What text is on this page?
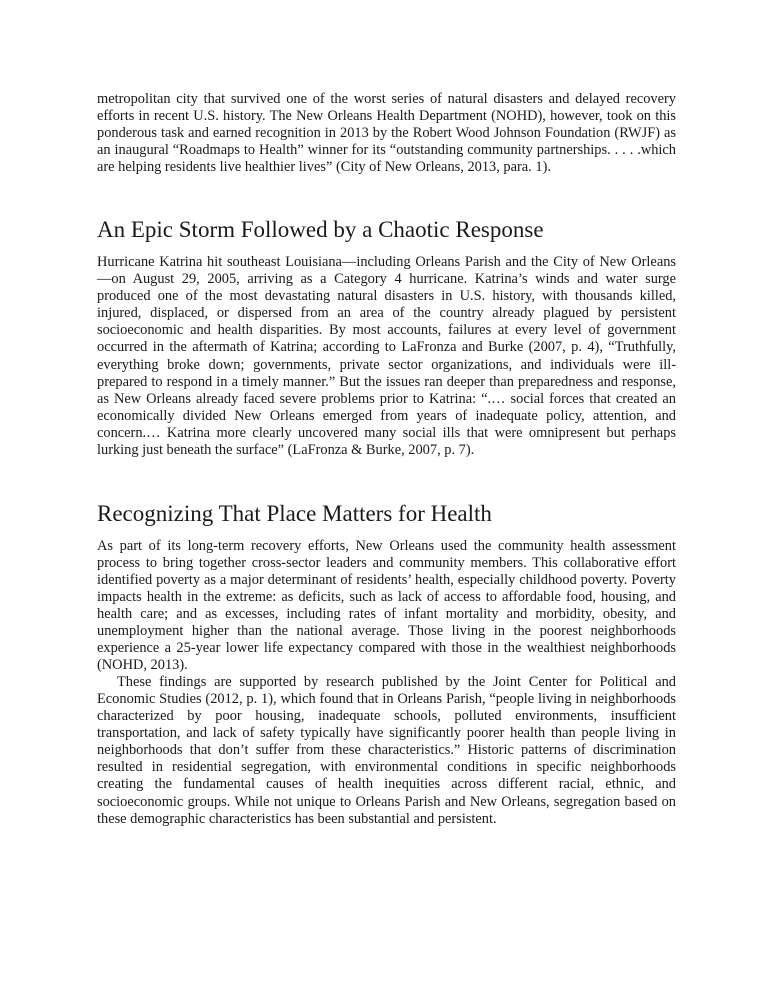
metropolitan city that survived one of the worst series of natural disasters and delayed recovery efforts in recent U.S. history. The New Orleans Health Department (NOHD), however, took on this ponderous task and earned recognition in 2013 by the Robert Wood Johnson Foundation (RWJF) as an inaugural “Roadmaps to Health” winner for its “outstanding community partnerships. . . . .which are helping residents live healthier lives” (City of New Orleans, 2013, para. 1).

An Epic Storm Followed by a Chaotic Response

Hurricane Katrina hit southeast Louisiana—including Orleans Parish and the City of New Orleans—on August 29, 2005, arriving as a Category 4 hurricane. Katrina’s winds and water surge produced one of the most devastating natural disasters in U.S. history, with thousands killed, injured, displaced, or dispersed from an area of the country already plagued by persistent socioeconomic and health disparities. By most accounts, failures at every level of government occurred in the aftermath of Katrina; according to LaFronza and Burke (2007, p. 4), “Truthfully, everything broke down; governments, private sector organizations, and individuals were ill-prepared to respond in a timely manner.” But the issues ran deeper than preparedness and response, as New Orleans already faced severe problems prior to Katrina: “.… social forces that created an economically divided New Orleans emerged from years of inadequate policy, attention, and concern.… Katrina more clearly uncovered many social ills that were omnipresent but perhaps lurking just beneath the surface” (LaFronza & Burke, 2007, p. 7).

Recognizing That Place Matters for Health

As part of its long-term recovery efforts, New Orleans used the community health assessment process to bring together cross-sector leaders and community members. This collaborative effort identified poverty as a major determinant of residents’ health, especially childhood poverty. Poverty impacts health in the extreme: as deficits, such as lack of access to affordable food, housing, and health care; and as excesses, including rates of infant mortality and morbidity, obesity, and unemployment higher than the national average. Those living in the poorest neighborhoods experience a 25-year lower life expectancy compared with those in the wealthiest neighborhoods (NOHD, 2013).

These findings are supported by research published by the Joint Center for Political and Economic Studies (2012, p. 1), which found that in Orleans Parish, “people living in neighborhoods characterized by poor housing, inadequate schools, polluted environments, insufficient transportation, and lack of safety typically have significantly poorer health than people living in neighborhoods that don’t suffer from these characteristics.” Historic patterns of discrimination resulted in residential segregation, with environmental conditions in specific neighborhoods creating the fundamental causes of health inequities across different racial, ethnic, and socioeconomic groups. While not unique to Orleans Parish and New Orleans, segregation based on these demographic characteristics has been substantial and persistent.
